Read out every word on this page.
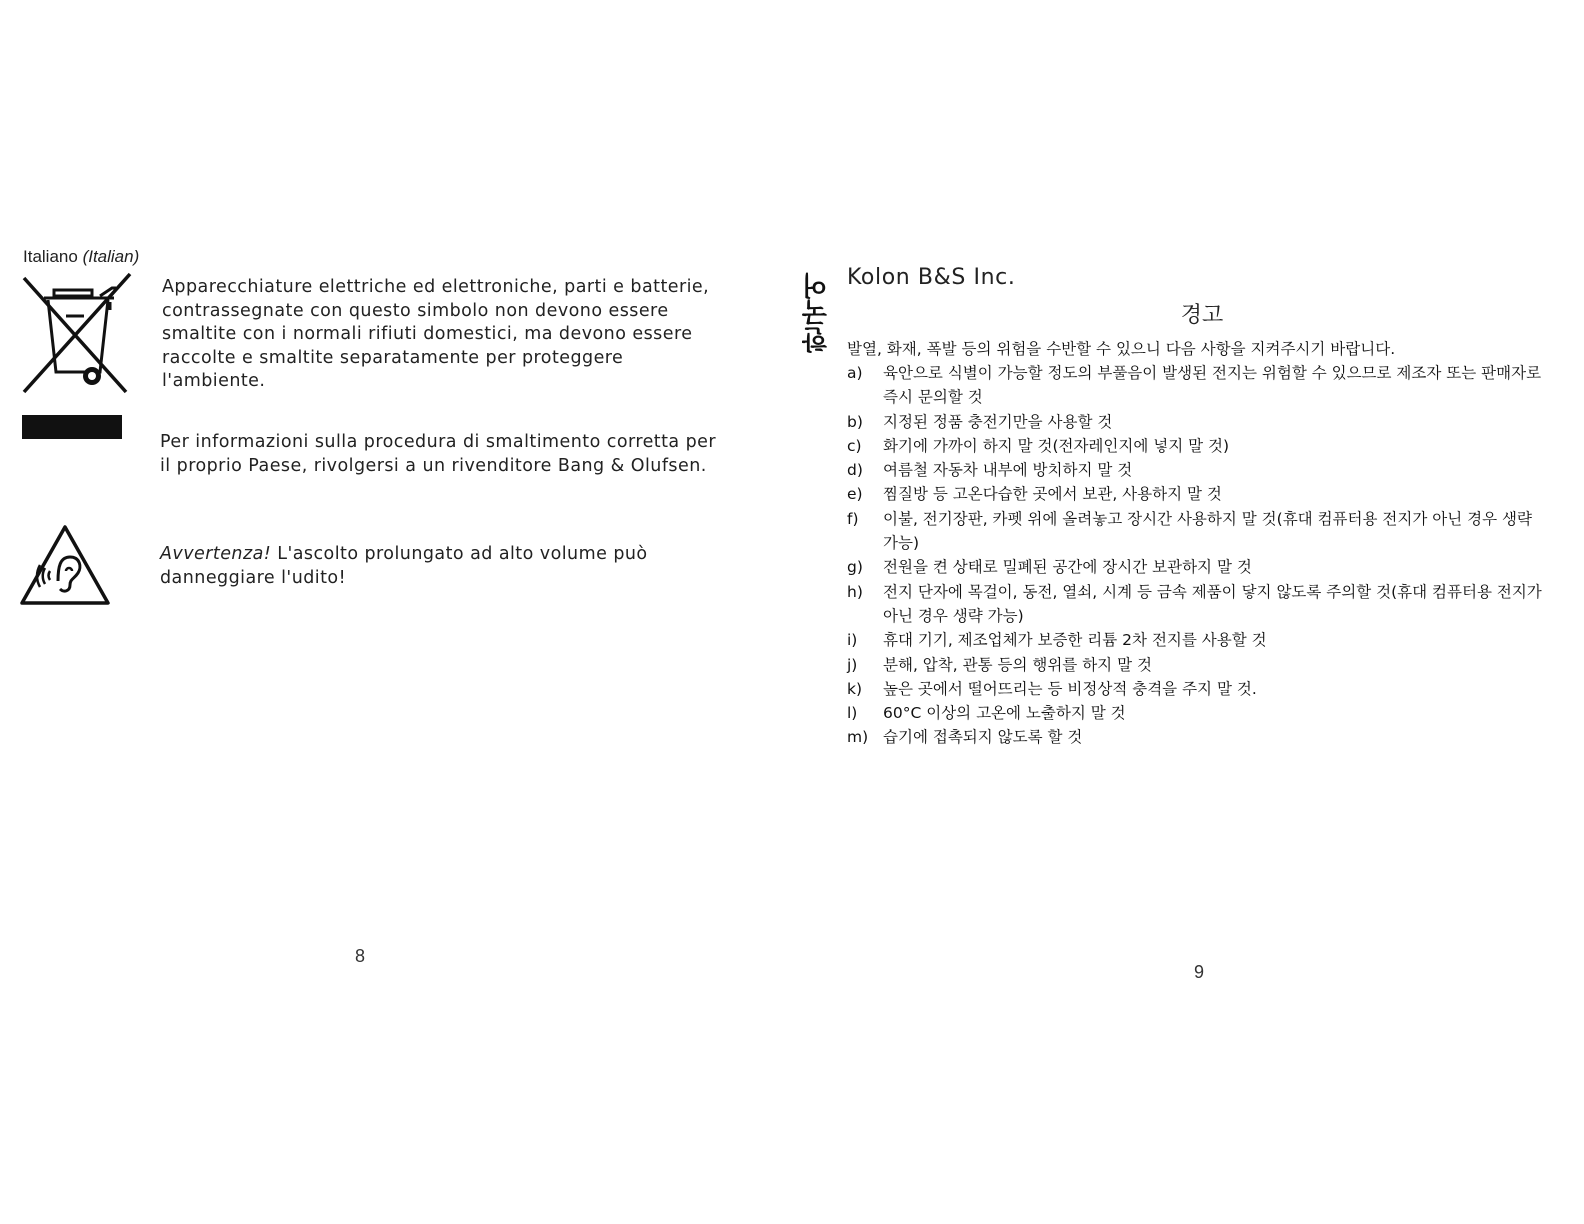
Italiano (Italian)

Apparecchiature elettriche ed elettroniche, parti e batterie, contrassegnate con questo simbolo non devono essere smaltite con i normali rifiuti domestici, ma devono essere raccolte e smaltite separatamente per proteggere l'ambiente.

Per informazioni sulla procedura di smaltimento corretta per il proprio Paese, rivolgersi a un rivenditore Bang & Olufsen.

Avvertenza! L'ascolto prolungato ad alto volume può danneggiare l'udito!

8
한국어 Kolon B&S Inc.
경고

발열, 화재, 폭발 등의 위험을 수반할 수 있으니 다음 사항을 지켜주시기 바랍니다.

a)	육안으로 식별이 가능할 정도의 부풀음이 발생된 전지는 위험할 수 있으므로 제조자 또는 판매자로 즉시 문의할 것
b)	지정된 정품 충전기만을 사용할 것
c)	화기에 가까이 하지 말 것(전자레인지에 넣지 말 것)
d)	여름철 자동차 내부에 방치하지 말 것
e)	찜질방 등 고온다습한 곳에서 보관, 사용하지 말 것
f)	이불, 전기장판, 카펫 위에 올려놓고 장시간 사용하지 말 것(휴대 컴퓨터용 전지가 아닌 경우 생략 가능)
g)	전원을 켠 상태로 밀폐된 공간에 장시간 보관하지 말 것
h)	전지 단자에 목걸이, 동전, 열쇠, 시계 등 금속 제품이 닿지 않도록 주의할 것(휴대 컴퓨터용 전지가 아닌 경우 생략 가능)
i)	휴대 기기, 제조업체가 보증한 리튬 2차 전지를 사용할 것
j)	분해, 압착, 관통 등의 행위를 하지 말 것
k)	높은 곳에서 떨어뜨리는 등 비정상적 충격을 주지 말 것.
l)	60°C 이상의 고온에 노출하지 말 것
m) 습기에 접촉되지 않도록 할 것
9
